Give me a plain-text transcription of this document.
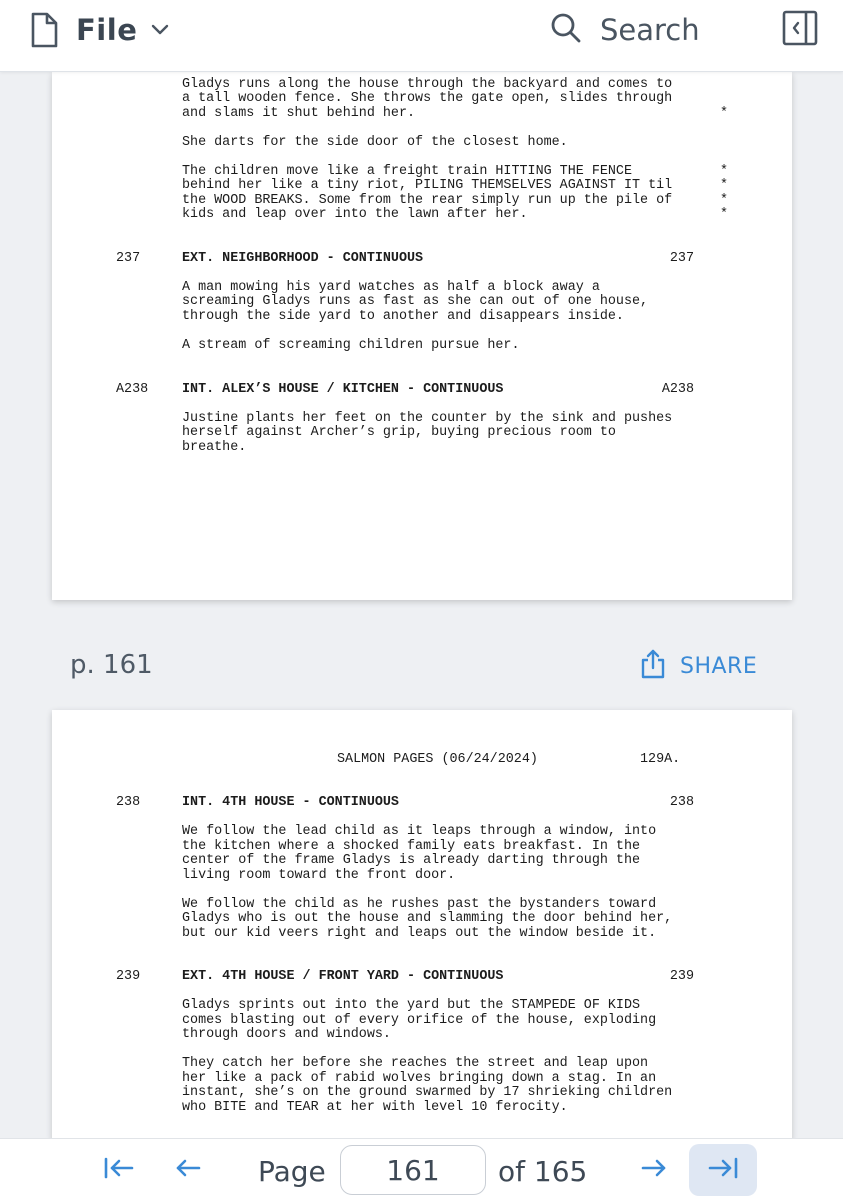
File	Search
Gladys runs along the house through the backyard and comes to
a tall wooden fence. She throws the gate open, slides through
and slams it shut behind her.	*
She darts for the side door of the closest home.
The children move like a freight train HITTING THE FENCE	*
behind her like a tiny riot, PILING THEMSELVES AGAINST IT til	*
the WOOD BREAKS. Some from the rear simply run up the pile of	*
kids and leap over into the lawn after her.	*
237	EXT. NEIGHBORHOOD - CONTINUOUS	237
A man mowing his yard watches as half a block away a
screaming Gladys runs as fast as she can out of one house,
through the side yard to another and disappears inside.
A stream of screaming children pursue her.
A238	INT. ALEX’S HOUSE / KITCHEN - CONTINUOUS	A238
Justine plants her feet on the counter by the sink and pushes
herself against Archer’s grip, buying precious room to
breathe.
p. 161	SHARE
SALMON PAGES (06/24/2024)	129A.
238	INT. 4TH HOUSE - CONTINUOUS	238
We follow the lead child as it leaps through a window, into
the kitchen where a shocked family eats breakfast. In the
center of the frame Gladys is already darting through the
living room toward the front door.
We follow the child as he rushes past the bystanders toward
Gladys who is out the house and slamming the door behind her,
but our kid veers right and leaps out the window beside it.
239	EXT. 4TH HOUSE / FRONT YARD - CONTINUOUS	239
Gladys sprints out into the yard but the STAMPEDE OF KIDS
comes blasting out of every orifice of the house, exploding
through doors and windows.
They catch her before she reaches the street and leap upon
her like a pack of rabid wolves bringing down a stag. In an
instant, she’s on the ground swarmed by 17 shrieking children
who BITE and TEAR at her with level 10 ferocity.
Page
161	of 165
